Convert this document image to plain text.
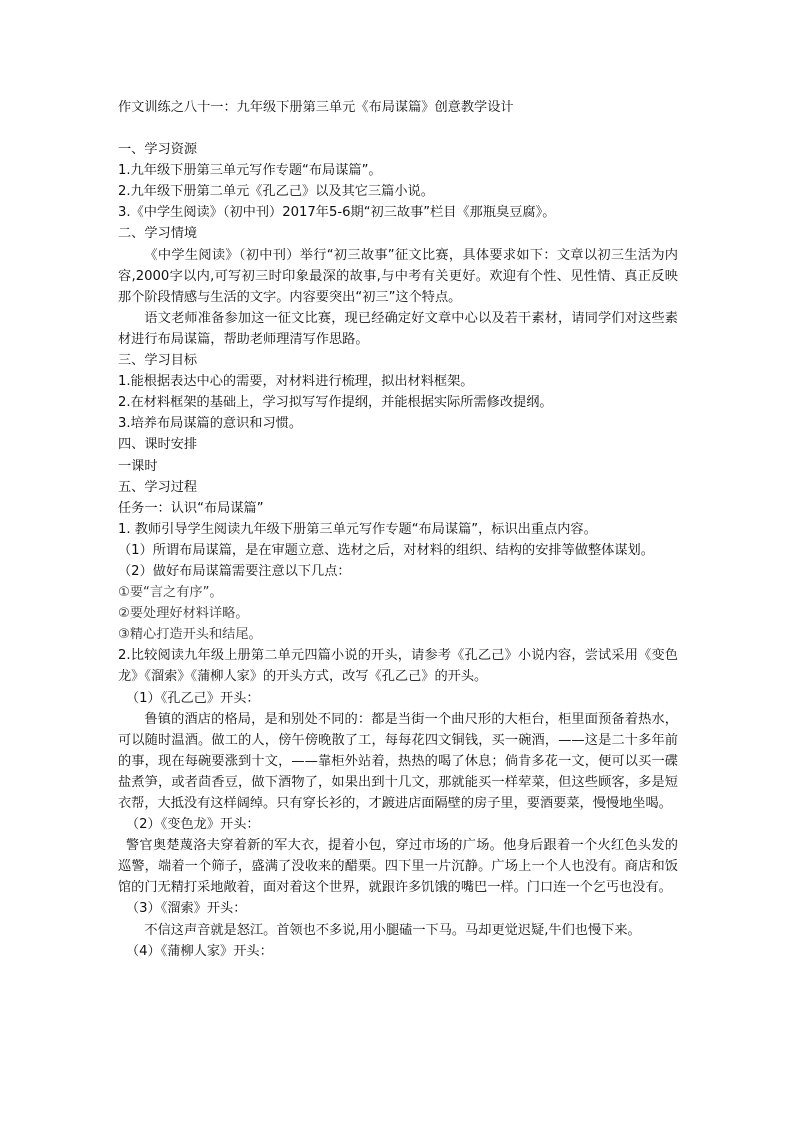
作文训练之八十一：九年级下册第三单元《布局谋篇》创意教学设计
一、学习资源
1.九年级下册第三单元写作专题“布局谋篇”。
2.九年级下册第二单元《孔乙己》以及其它三篇小说。
3.《中学生阅读》（初中刊）2017年5-6期“初三故事”栏目《那瓶臭豆腐》。
二、学习情境
《中学生阅读》（初中刊）举行“初三故事”征文比赛，具体要求如下：文章以初三生活为内容,2000字以内,可写初三时印象最深的故事,与中考有关更好。欢迎有个性、见性情、真正反映那个阶段情感与生活的文字。内容要突出“初三”这个特点。
语文老师准备参加这一征文比赛，现已经确定好文章中心以及若干素材，请同学们对这些素材进行布局谋篇，帮助老师理清写作思路。
三、学习目标
1.能根据表达中心的需要，对材料进行梳理，拟出材料框架。
2.在材料框架的基础上，学习拟写写作提纲，并能根据实际所需修改提纲。
3.培养布局谋篇的意识和习惯。
四、课时安排
一课时
五、学习过程
任务一：认识“布局谋篇”
1. 教师引导学生阅读九年级下册第三单元写作专题“布局谋篇”，标识出重点内容。
（1）所谓布局谋篇，是在审题立意、选材之后，对材料的组织、结构的安排等做整体谋划。
（2）做好布局谋篇需要注意以下几点：
①要“言之有序”。
②要处理好材料详略。
③精心打造开头和结尾。
2.比较阅读九年级上册第二单元四篇小说的开头，请参考《孔乙己》小说内容，尝试采用《变色龙》《溜索》《蒲柳人家》的开头方式，改写《孔乙己》的开头。
（1）《孔乙己》开头：
鲁镇的酒店的格局，是和别处不同的：都是当街一个曲尺形的大柜台，柜里面预备着热水，可以随时温酒。做工的人，傍午傍晚散了工，每每花四文铜钱，买一碗酒，——这是二十多年前的事，现在每碗要涨到十文，——靠柜外站着，热热的喝了休息；倘肯多花一文，便可以买一碟盐煮笋，或者茴香豆，做下酒物了，如果出到十几文，那就能买一样荤菜，但这些顾客，多是短衣帮，大抵没有这样阔绰。只有穿长衫的，才踱进店面隔壁的房子里，要酒要菜，慢慢地坐喝。
（2）《变色龙》开头：
警官奥楚蔑洛夫穿着新的军大衣，提着小包，穿过市场的广场。他身后跟着一个火红色头发的巡警，端着一个筛子，盛满了没收来的醋栗。四下里一片沉静。广场上一个人也没有。商店和饭馆的门无精打采地敞着，面对着这个世界，就跟许多饥饿的嘴巴一样。门口连一个乞丐也没有。
（3）《溜索》开头：
不信这声音就是怒江。首领也不多说,用小腿磕一下马。马却更觉迟疑,牛们也慢下来。
（4）《蒲柳人家》开头：
